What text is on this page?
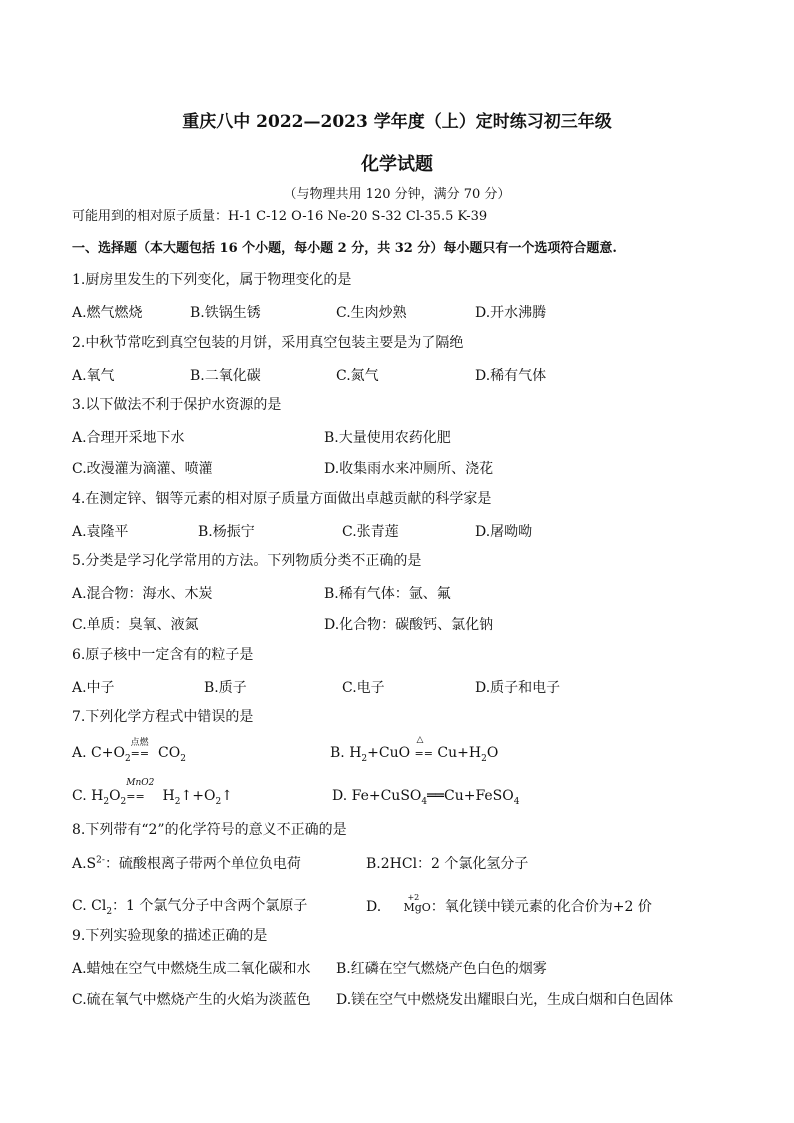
重庆八中 2022—2023 学年度（上）定时练习初三年级
化学试题
（与物理共用 120 分钟，满分 70 分）
可能用到的相对原子质量：H-1 C-12 O-16 Ne-20 S-32 Cl-35.5 K-39
一、选择题（本大题包括 16 个小题，每小题 2 分，共 32 分）每小题只有一个选项符合题意.
1.厨房里发生的下列变化，属于物理变化的是
A.燃气燃烧	B.铁锅生锈	C.生肉炒熟	D.开水沸腾
2.中秋节常吃到真空包装的月饼，采用真空包装主要是为了隔绝
A.氧气	B.二氧化碳	C.氮气	D.稀有气体
3.以下做法不利于保护水资源的是
A.合理开采地下水	B.大量使用农药化肥
C.改漫灌为滴灌、喷灌	D.收集雨水来冲厕所、浇花
4.在测定锌、铟等元素的相对原子质量方面做出卓越贡献的科学家是
A.袁隆平	B.杨振宁	C.张青莲	D.屠呦呦
5.分类是学习化学常用的方法。下列物质分类不正确的是
A.混合物：海水、木炭	B.稀有气体：氩、氟
C.单质：臭氧、液氮	D.化合物：碳酸钙、氯化钠
6.原子核中一定含有的粒子是
A.中子	B.质子	C.电子	D.质子和电子
7.下列化学方程式中错误的是
A. $C+O_2$
点燃
== $CO_2$	B. $H_2+CuO$
△
== $Cu+H_2O$
C. $H_2O_2$
MnO2
== $H_2↑+O_2↑$	D. Fe+CuSO$_4$══Cu+FeSO$_4$
8.下列带有“2”的化学符号的意义不正确的是
$A.S^{2-}$：硫酸根离子带两个单位负电荷	B.2HCl：2 个氯化氢分子
C. $Cl_2$：1 个氯气分子中含两个氯原子	D.
+2
MgO：氧化镁中镁元素的化合价为+2 价
9.下列实验现象的描述正确的是
A.蜡烛在空气中燃烧生成二氧化碳和水 B.红磷在空气燃烧产色白色的烟雾
C.硫在氧气中燃烧产生的火焰为淡蓝色 D.镁在空气中燃烧发出耀眼白光，生成白烟和白色固体
